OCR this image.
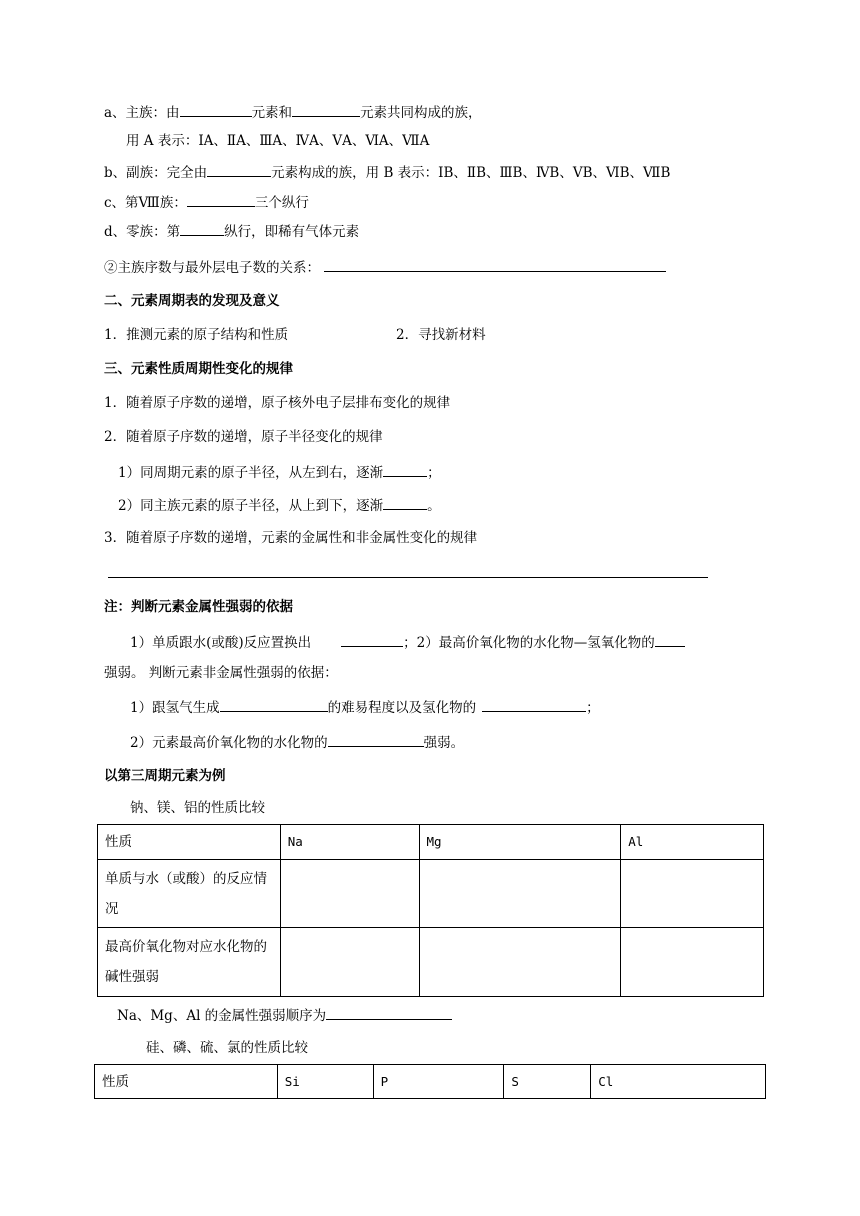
a、主族：由	元素和	元素共同构成的族，
用 A 表示：ⅠA、ⅡA、ⅢA、ⅣA、ⅤA、ⅥA、ⅦA
b、副族：完全由	元素构成的族，用 B 表示：ⅠB、ⅡB、ⅢB、ⅣB、ⅤB、ⅥB、ⅦB
c、第Ⅷ族：	三个纵行
d、零族：第	纵行，即稀有气体元素
②主族序数与最外层电子数的关系：
二、元素周期表的发现及意义
1．推测元素的原子结构和性质	2．寻找新材料
三、元素性质周期性变化的规律
1．随着原子序数的递增，原子核外电子层排布变化的规律
2．随着原子序数的递增，原子半径变化的规律
1）同周期元素的原子半径，从左到右，逐渐	；
2）同主族元素的原子半径，从上到下，逐渐	。
3．随着原子序数的递增，元素的金属性和非金属性变化的规律
注：判断元素金属性强弱的依据
1）单质跟水(或酸)反应置换出	；2）最高价氧化物的水化物—氢氧化物的
强弱。 判断元素非金属性强弱的依据：
1）跟氢气生成	的难易程度以及氢化物的	；
2）元素最高价氧化物的水化物的	强弱。
以第三周期元素为例
钠、镁、铝的性质比较
性质	Na	Mg	Al
单质与水（或酸）的反应情况			
最高价氧化物对应水化物的碱性强弱			
Na、Mg、Al 的金属性强弱顺序为
硅、磷、硫、氯的性质比较
性质	Si	P	S	Cl
